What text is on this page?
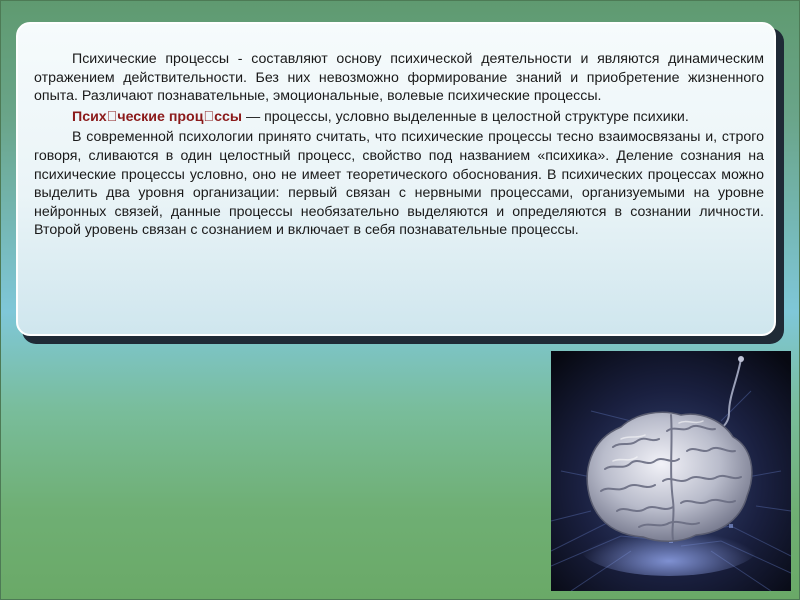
Психические процессы - составляют основу психической деятельности и являются динамическим отражением действительности. Без них невозможно формирование знаний и приобретение жизненного опыта. Различают познавательные, эмоциональные, волевые психические процессы.

Псих ческие проц ссы — процессы, условно выделенные в целостной структуре психики.

В современной психологии принято считать, что психические процессы тесно взаимосвязаны и, строго говоря, сливаются в один целостный процесс, свойство под названием «психика». Деление сознания на психические процессы условно, оно не имеет теоретического обоснования. В психических процессах можно выделить два уровня организации: первый связан с нервными процессами, организуемыми на уровне нейронных связей, данные процессы необязательно выделяются и определяются в сознании личности. Второй уровень связан с сознанием и включает в себя познавательные процессы.
